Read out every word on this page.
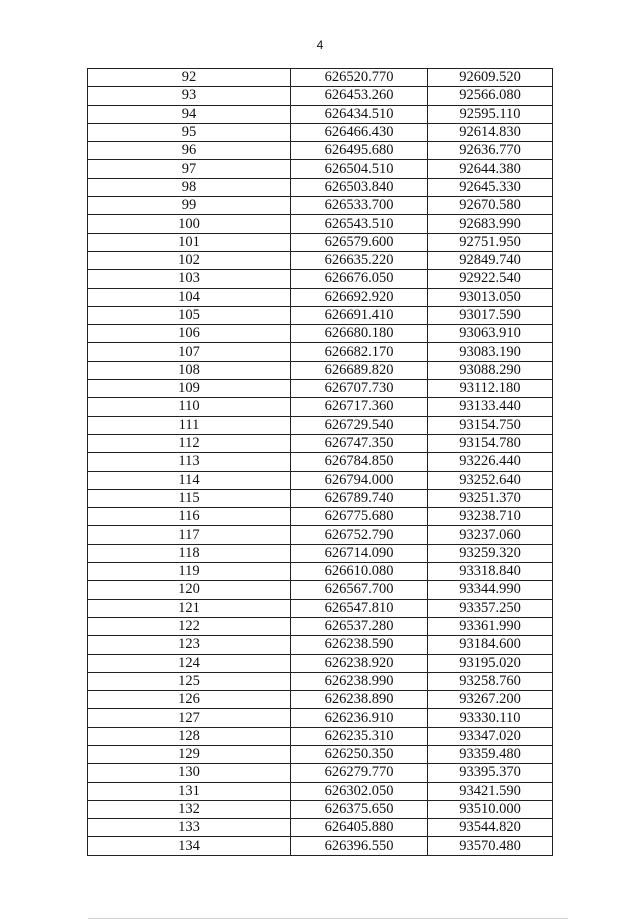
4
92	626520.770	92609.520
93	626453.260	92566.080
94	626434.510	92595.110
95	626466.430	92614.830
96	626495.680	92636.770
97	626504.510	92644.380
98	626503.840	92645.330
99	626533.700	92670.580
100	626543.510	92683.990
101	626579.600	92751.950
102	626635.220	92849.740
103	626676.050	92922.540
104	626692.920	93013.050
105	626691.410	93017.590
106	626680.180	93063.910
107	626682.170	93083.190
108	626689.820	93088.290
109	626707.730	93112.180
110	626717.360	93133.440
111	626729.540	93154.750
112	626747.350	93154.780
113	626784.850	93226.440
114	626794.000	93252.640
115	626789.740	93251.370
116	626775.680	93238.710
117	626752.790	93237.060
118	626714.090	93259.320
119	626610.080	93318.840
120	626567.700	93344.990
121	626547.810	93357.250
122	626537.280	93361.990
123	626238.590	93184.600
124	626238.920	93195.020
125	626238.990	93258.760
126	626238.890	93267.200
127	626236.910	93330.110
128	626235.310	93347.020
129	626250.350	93359.480
130	626279.770	93395.370
131	626302.050	93421.590
132	626375.650	93510.000
133	626405.880	93544.820
134	626396.550	93570.480
